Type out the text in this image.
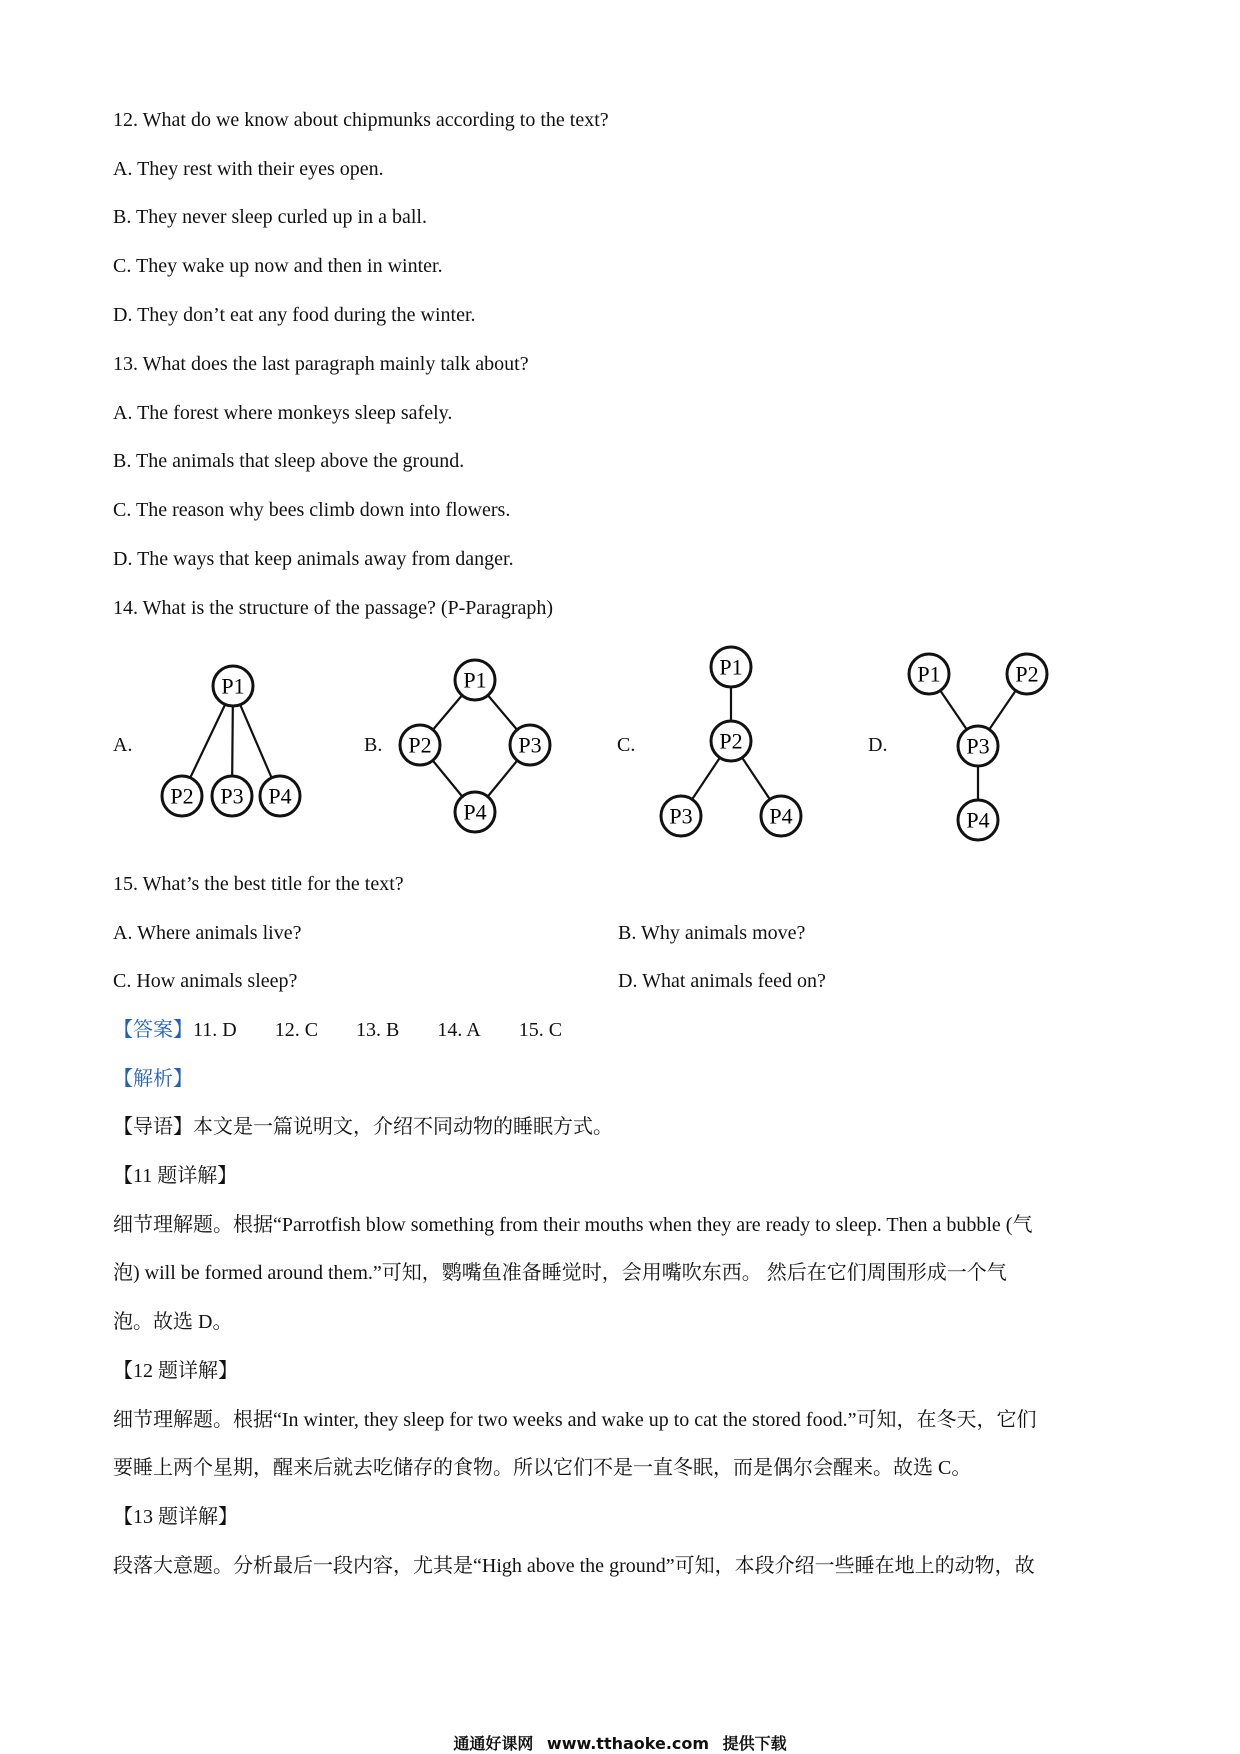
12. What do we know about chipmunks according to the text?
A. They rest with their eyes open.
B. They never sleep curled up in a ball.
C. They wake up now and then in winter.
D. They don’t eat any food during the winter.
13. What does the last paragraph mainly talk about?
A. The forest where monkeys sleep safely.
B. The animals that sleep above the ground.
C. The reason why bees climb down into flowers.
D. The ways that keep animals away from danger.
14. What is the structure of the passage? (P-Paragraph)
A.	B.	C.	D.
P1
P2 P3 P4
P1
P2	P3
P4
P1
P2
P3	P4
P1	P2
P3
P4
15. What’s the best title for the text?
A. Where animals live?	B. Why animals move?
C. How animals sleep?	D. What animals feed on?
【答案】11. D 12. C 13. B 14. A 15. C
【解析】
【导语】本文是一篇说明文，介绍不同动物的睡眠方式。
【11 题详解】
细节理解题。根据“Parrotfish blow something from their mouths when they are ready to sleep. Then a bubble (气
泡) will be formed around them.”可知，鹦嘴鱼准备睡觉时，会用嘴吹东西。 然后在它们周围形成一个气
泡。故选 D。
【12 题详解】
细节理解题。根据“In winter, they sleep for two weeks and wake up to cat the stored food.”可知，在冬天，它们
要睡上两个星期，醒来后就去吃储存的食物。所以它们不是一直冬眠，而是偶尔会醒来。故选 C。
【13 题详解】
段落大意题。分析最后一段内容，尤其是“High above the ground”可知，本段介绍一些睡在地上的动物，故
通通好课网 www.tthaoke.com 提供下载
